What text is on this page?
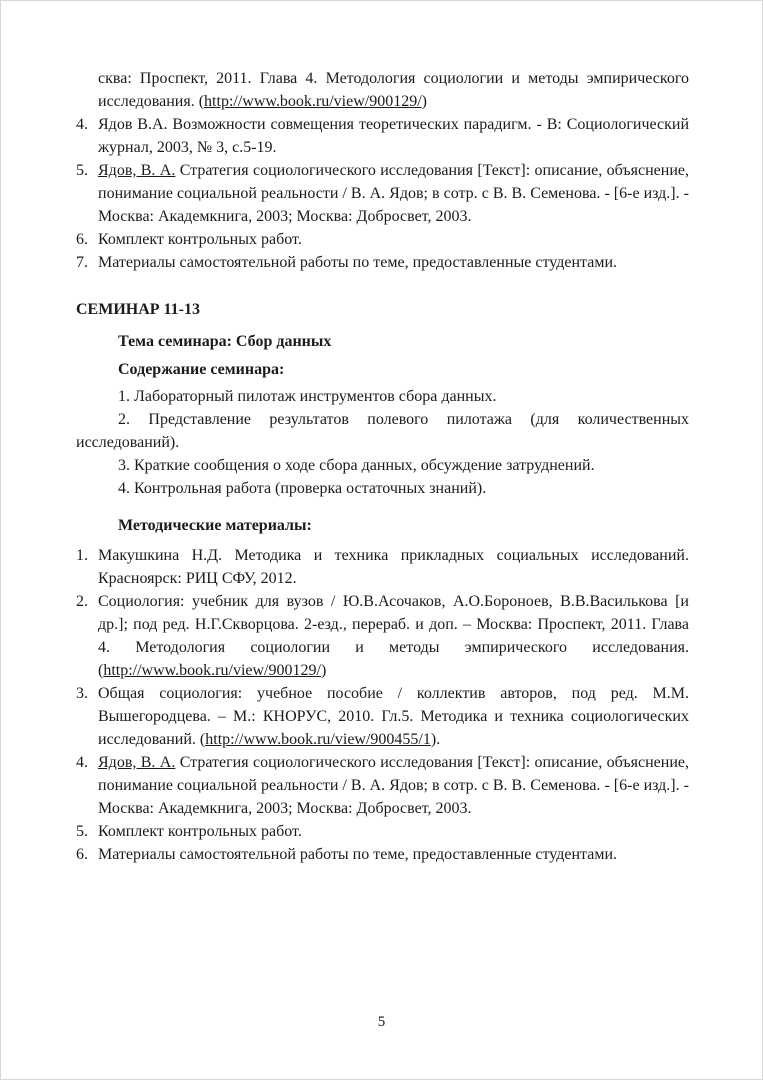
сква: Проспект, 2011. Глава 4. Методология социологии и методы эмпирического исследования. (http://www.book.ru/view/900129/)
4. Ядов В.А. Возможности совмещения теоретических парадигм. - В: Социологический журнал, 2003, № 3, с.5-19.
5. Ядов, В. А. Стратегия социологического исследования [Текст]: описание, объяснение, понимание социальной реальности / В. А. Ядов; в сотр. с В. В. Семенова. - [6-е изд.]. - Москва: Академкнига, 2003; Москва: Добросвет, 2003.
6. Комплект контрольных работ.
7. Материалы самостоятельной работы по теме, предоставленные студентами.
СЕМИНАР 11-13
Тема семинара: Сбор данных
Содержание семинара:
1. Лабораторный пилотаж инструментов сбора данных.
2. Представление результатов полевого пилотажа (для количественных исследований).
3. Краткие сообщения о ходе сбора данных, обсуждение затруднений.
4. Контрольная работа (проверка остаточных знаний).
Методические материалы:
1. Макушкина Н.Д. Методика и техника прикладных социальных исследований. Красноярск: РИЦ СФУ, 2012.
2. Социология: учебник для вузов / Ю.В.Асочаков, А.О.Бороноев, В.В.Василькова [и др.]; под ред. Н.Г.Скворцова. 2-езд., перераб. и доп. – Москва: Проспект, 2011. Глава 4. Методология социологии и методы эмпирического исследования. (http://www.book.ru/view/900129/)
3. Общая социология: учебное пособие / коллектив авторов, под ред. М.М. Вышегородцева. – М.: КНОРУС, 2010. Гл.5. Методика и техника социологических исследований. (http://www.book.ru/view/900455/1).
4. Ядов, В. А. Стратегия социологического исследования [Текст]: описание, объяснение, понимание социальной реальности / В. А. Ядов; в сотр. с В. В. Семенова. - [6-е изд.]. - Москва: Академкнига, 2003; Москва: Добросвет, 2003.
5. Комплект контрольных работ.
6. Материалы самостоятельной работы по теме, предоставленные студентами.
5
